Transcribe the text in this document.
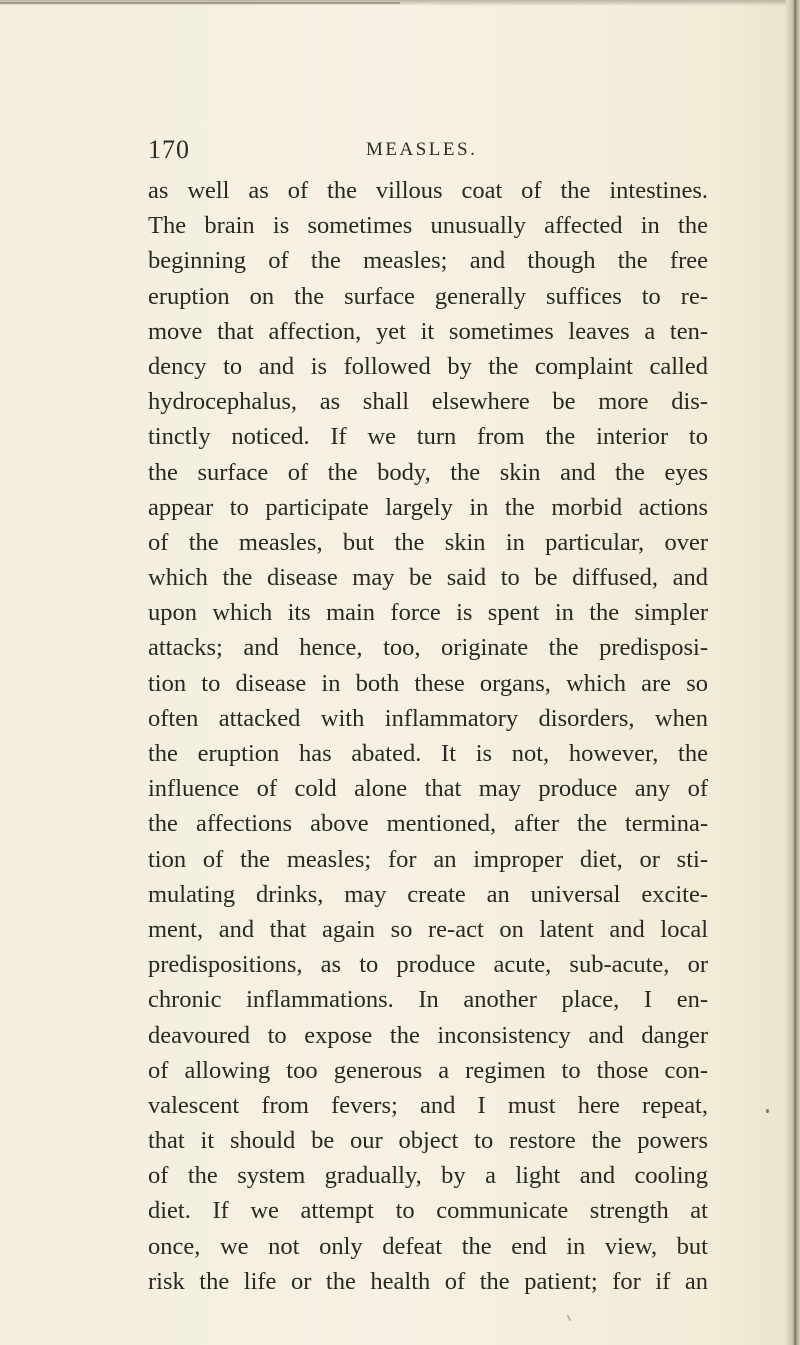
170	MEASLES.
as well as of the villous coat of the intestines.
The brain is sometimes unusually affected in the
beginning of the measles; and though the free
eruption on the surface generally suffices to re-
move that affection, yet it sometimes leaves a ten-
dency to and is followed by the complaint called
hydrocephalus, as shall elsewhere be more dis-
tinctly noticed. If we turn from the interior to
the surface of the body, the skin and the eyes
appear to participate largely in the morbid actions
of the measles, but the skin in particular, over
which the disease may be said to be diffused, and
upon which its main force is spent in the simpler
attacks; and hence, too, originate the predisposi-
tion to disease in both these organs, which are so
often attacked with inflammatory disorders, when
the eruption has abated. It is not, however, the
influence of cold alone that may produce any of
the affections above mentioned, after the termina-
tion of the measles; for an improper diet, or sti-
mulating drinks, may create an universal excite-
ment, and that again so re-act on latent and local
predispositions, as to produce acute, sub-acute, or
chronic inflammations. In another place, I en-
deavoured to expose the inconsistency and danger
of allowing too generous a regimen to those con-
valescent from fevers; and I must here repeat,
that it should be our object to restore the powers
of the system gradually, by a light and cooling
diet. If we attempt to communicate strength at
once, we not only defeat the end in view, but
risk the life or the health of the patient; for if an
